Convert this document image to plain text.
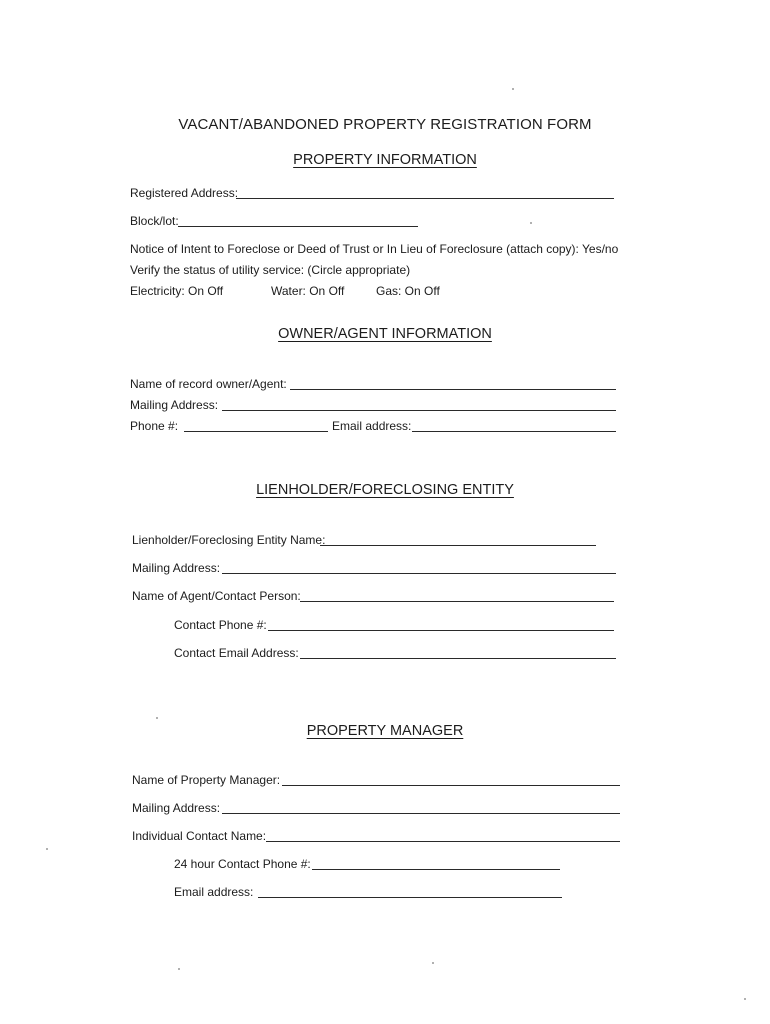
VACANT/ABANDONED PROPERTY REGISTRATION FORM
PROPERTY INFORMATION
Registered Address:
Block/lot:
Notice of Intent to Foreclose or Deed of Trust or In Lieu of Foreclosure (attach copy): Yes/no
Verify the status of utility service: (Circle appropriate)
Electricity: On Off	Water: On Off	Gas: On Off
OWNER/AGENT INFORMATION
Name of record owner/Agent:
Mailing Address:
Phone #:	Email address:
LIENHOLDER/FORECLOSING ENTITY
Lienholder/Foreclosing Entity Name:
Mailing Address:
Name of Agent/Contact Person:
Contact Phone #:
Contact Email Address:
PROPERTY MANAGER
Name of Property Manager:
Mailing Address:
Individual Contact Name:
24 hour Contact Phone #:
Email address:
